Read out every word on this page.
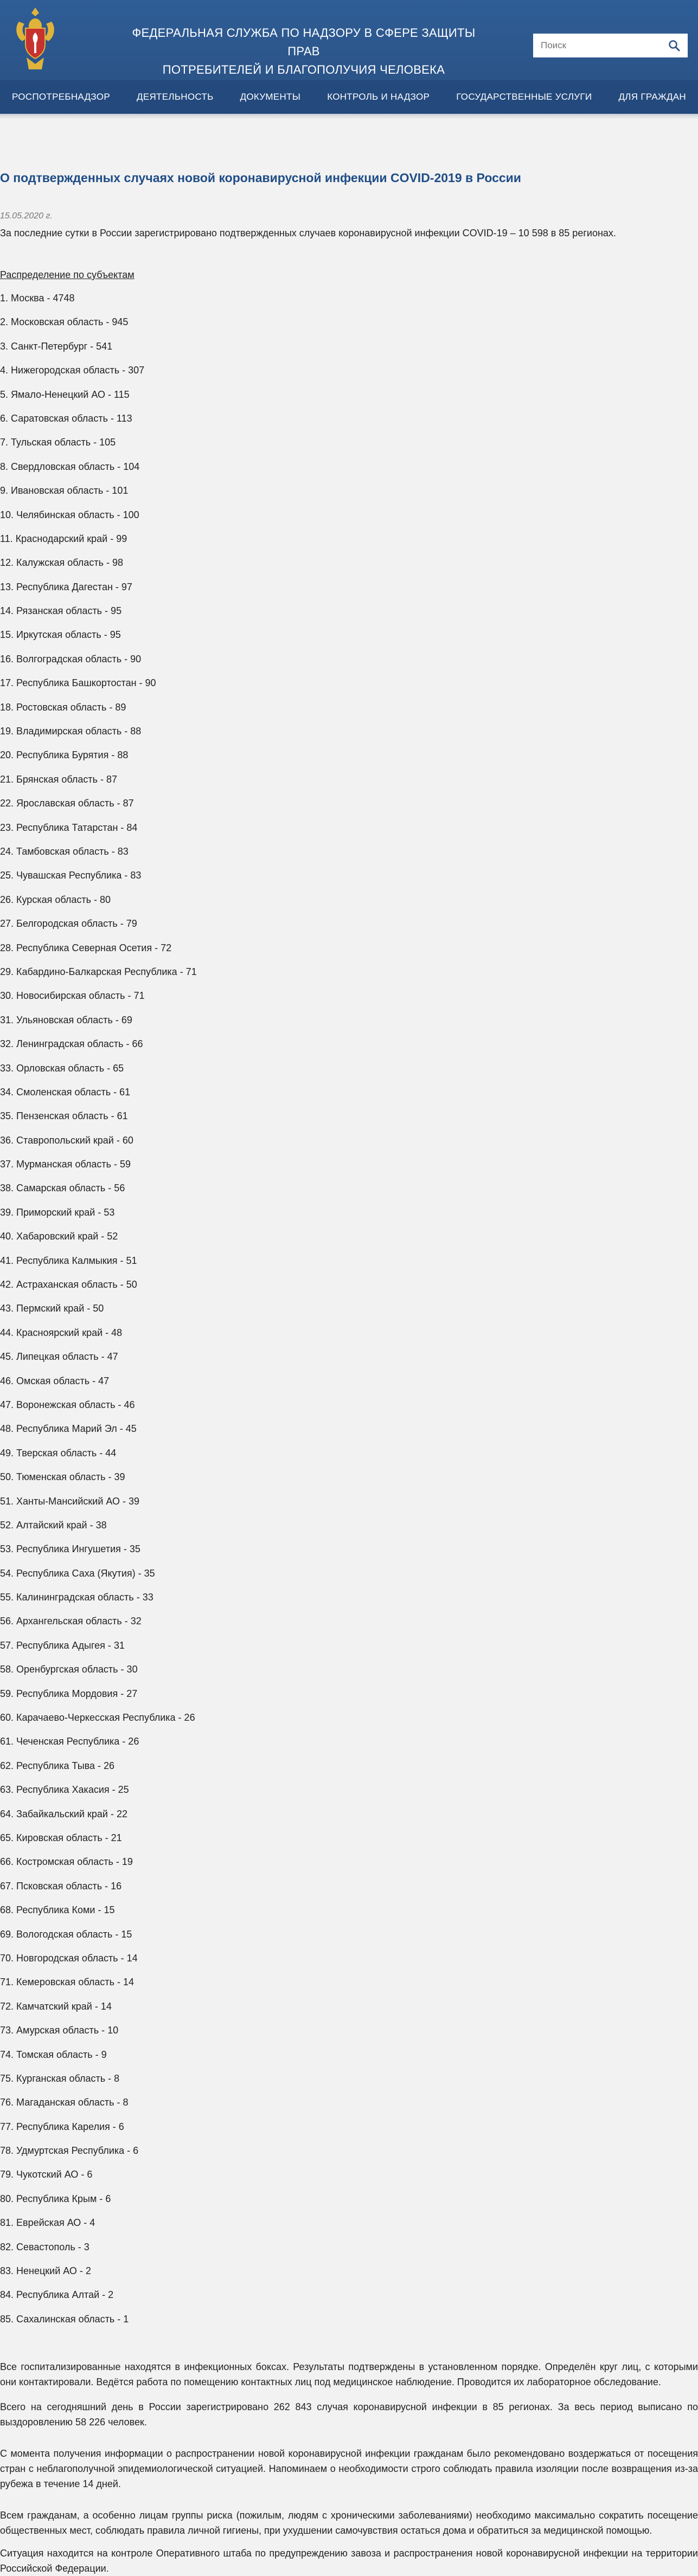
ФЕДЕРАЛЬНАЯ СЛУЖБА ПО НАДЗОРУ В СФЕРЕ ЗАЩИТЫ ПРАВ
ПОТРЕБИТЕЛЕЙ И БЛАГОПОЛУЧИЯ ЧЕЛОВЕКА
Поиск
РОСПОТРЕБНАДЗОР	ДЕЯТЕЛЬНОСТЬ	ДОКУМЕНТЫ	КОНТРОЛЬ И НАДЗОР	ГОСУДАРСТВЕННЫЕ УСЛУГИ	ДЛЯ ГРАЖДАН
О подтвержденных случаях новой коронавирусной инфекции COVID-2019 в России
15.05.2020 г.
За последние сутки в России зарегистрировано подтвержденных случаев коронавирусной инфекции COVID-19 – 10 598 в 85 регионах.
Распределение по субъектам
1. Москва - 4748
2. Московская область - 945
3. Санкт-Петербург - 541
4. Нижегородская область - 307
5. Ямало-Ненецкий АО - 115
6. Саратовская область - 113
7. Тульская область - 105
8. Свердловская область - 104
9. Ивановская область - 101
10. Челябинская область - 100
11. Краснодарский край - 99
12. Калужская область - 98
13. Республика Дагестан - 97
14. Рязанская область - 95
15. Иркутская область - 95
16. Волгоградская область - 90
17. Республика Башкортостан - 90
18. Ростовская область - 89
19. Владимирская область - 88
20. Республика Бурятия - 88
21. Брянская область - 87
22. Ярославская область - 87
23. Республика Татарстан - 84
24. Тамбовская область - 83
25. Чувашская Республика - 83
26. Курская область - 80
27. Белгородская область - 79
28. Республика Северная Осетия - 72
29. Кабардино-Балкарская Республика - 71
30. Новосибирская область - 71
31. Ульяновская область - 69
32. Ленинградская область - 66
33. Орловская область - 65
34. Смоленская область - 61
35. Пензенская область - 61
36. Ставропольский край - 60
37. Мурманская область - 59
38. Самарская область - 56
39. Приморский край - 53
40. Хабаровский край - 52
41. Республика Калмыкия - 51
42. Астраханская область - 50
43. Пермский край - 50
44. Красноярский край - 48
45. Липецкая область - 47
46. Омская область - 47
47. Воронежская область - 46
48. Республика Марий Эл - 45
49. Тверская область - 44
50. Тюменская область - 39
51. Ханты-Мансийский АО - 39
52. Алтайский край - 38
53. Республика Ингушетия - 35
54. Республика Саха (Якутия) - 35
55. Калининградская область - 33
56. Архангельская область - 32
57. Республика Адыгея - 31
58. Оренбургская область - 30
59. Республика Мордовия - 27
60. Карачаево-Черкесская Республика - 26
61. Чеченская Республика - 26
62. Республика Тыва - 26
63. Республика Хакасия - 25
64. Забайкальский край - 22
65. Кировская область - 21
66. Костромская область - 19
67. Псковская область - 16
68. Республика Коми - 15
69. Вологодская область - 15
70. Новгородская область - 14
71. Кемеровская область - 14
72. Камчатский край - 14
73. Амурская область - 10
74. Томская область - 9
75. Курганская область - 8
76. Магаданская область - 8
77. Республика Карелия - 6
78. Удмуртская Республика - 6
79. Чукотский АО - 6
80. Республика Крым - 6
81. Еврейская АО - 4
82. Севастополь - 3
83. Ненецкий АО - 2
84. Республика Алтай - 2
85. Сахалинская область - 1

Все госпитализированные находятся в инфекционных боксах. Результаты подтверждены в установленном порядке. Определён круг лиц, с которыми они контактировали. Ведётся работа по помещению контактных лиц под медицинское наблюдение. Проводится их лабораторное обследование.

Всего на сегодняшний день в России зарегистрировано 262 843 случая коронавирусной инфекции в 85 регионах. За весь период выписано по выздоровлению 58 226 человек.

С момента получения информации о распространении новой коронавирусной инфекции гражданам было рекомендовано воздержаться от посещения стран с неблагополучной эпидемиологической ситуацией. Напоминаем о необходимости строго соблюдать правила изоляции после возвращения из-за рубежа в течение 14 дней.

Всем гражданам, а особенно лицам группы риска (пожилым, людям с хроническими заболеваниями) необходимо максимально сократить посещение общественных мест, соблюдать правила личной гигиены, при ухудшении самочувствия остаться дома и обратиться за медицинской помощью.

Ситуация находится на контроле Оперативного штаба по предупреждению завоза и распространения новой коронавирусной инфекции на территории Российской Федерации.
